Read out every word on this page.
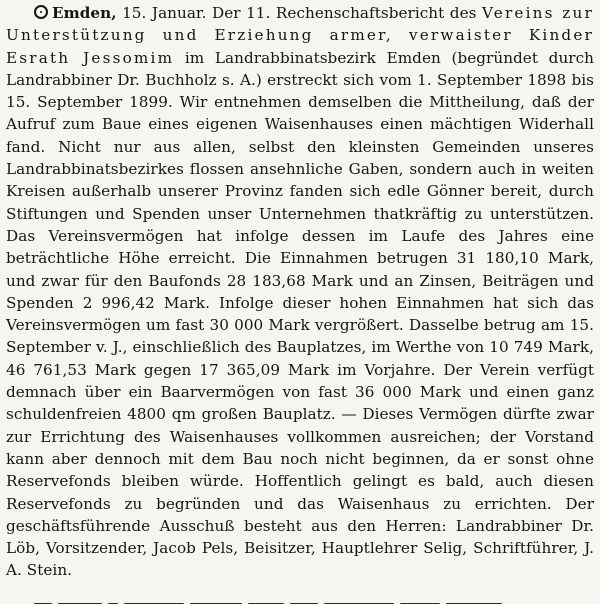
Emden, 15. Januar. Der 11. Rechenschaftsbericht des Vereins zur Unterstützung und Erziehung armer, verwaister Kinder Esrath Jessomim im Landrabbinatsbezirk Emden (begründet durch Landrabbiner Dr. Buchholz s. A.) erstreckt sich vom 1. September 1898 bis 15. September 1899. Wir entnehmen demselben die Mittheilung, daß der Aufruf zum Baue eines eigenen Waisenhauses einen mächtigen Widerhall fand. Nicht nur aus allen, selbst den kleinsten Gemeinden unseres Landrabbinatsbezirkes flossen ansehnliche Gaben, sondern auch in weiten Kreisen außerhalb unserer Provinz fanden sich edle Gönner bereit, durch Stiftungen und Spenden unser Unternehmen thatkräftig zu unterstützen. Das Vereinsvermögen hat infolge dessen im Laufe des Jahres eine beträchtliche Höhe erreicht. Die Einnahmen betrugen 31 180,10 Mark, und zwar für den Baufonds 28 183,68 Mark und an Zinsen, Beiträgen und Spenden 2 996,42 Mark. Infolge dieser hohen Einnahmen hat sich das Vereinsvermögen um fast 30 000 Mark vergrößert. Dasselbe betrug am 15. September v. J., einschließlich des Bauplatzes, im Werthe von 10 749 Mark, 46 761,53 Mark gegen 17 365,09 Mark im Vorjahre. Der Verein verfügt demnach über ein Baarvermögen von fast 36 000 Mark und einen ganz schuldenfreien 4800 qm großen Bauplatz. — Dieses Vermögen dürfte zwar zur Errichtung des Waisenhauses vollkommen ausreichen; der Vorstand kann aber dennoch mit dem Bau noch nicht beginnen, da er sonst ohne Reservefonds bleiben würde. Hoffentlich gelingt es bald, auch diesen Reservefonds zu begründen und das Waisenhaus zu errichten. Der geschäftsführende Ausschuß besteht aus den Herren: Landrabbiner Dr. Löb, Vorsitzender, Jacob Pels, Beisitzer, Hauptlehrer Selig, Schriftführer, J. A. Stein.
